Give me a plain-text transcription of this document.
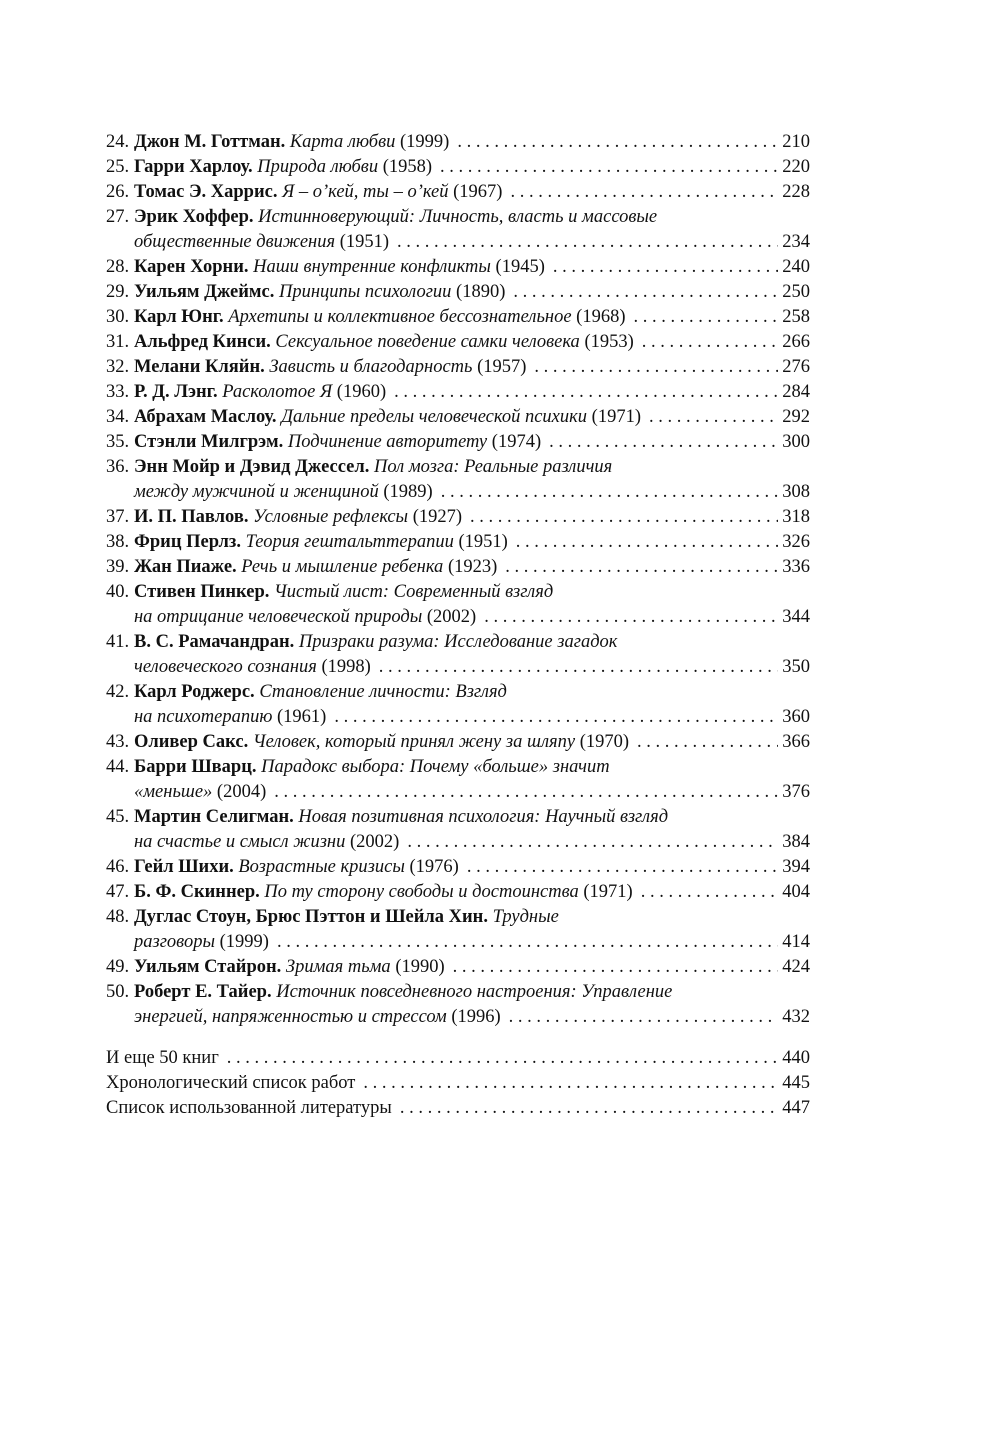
24. Джон М. Готтман. Карта любви (1999) . . .	210
25. Гарри Харлоу. Природа любви (1958) . . .	220
26. Томас Э. Харрис. Я – о’кей, ты – о’кей (1967) . . .	228
27. Эрик Хоффер. Истинноверующий: Личность, власть и массовые
общественные движения (1951) . . .	234
28. Карен Хорни. Наши внутренние конфликты (1945) . . .	240
29. Уильям Джеймс. Принципы психологии (1890) . . .	250
30. Карл Юнг. Архетипы и коллективное бессознательное (1968) . . .	258
31. Альфред Кинси. Сексуальное поведение самки человека (1953) . . .	266
32. Мелани Кляйн. Зависть и благодарность (1957) . . .	276
33. Р. Д. Лэнг. Расколотое Я (1960) . . .	284
34. Абрахам Маслоу. Дальние пределы человеческой психики (1971) . . .	292
35. Стэнли Милгрэм. Подчинение авторитету (1974) . . .	300
36. Энн Мойр и Дэвид Джессел. Пол мозга: Реальные различия
между мужчиной и женщиной (1989) . . .	308
37. И. П. Павлов. Условные рефлексы (1927) . . .	318
38. Фриц Перлз. Теория гештальттерапии (1951) . . .	326
39. Жан Пиаже. Речь и мышление ребенка (1923) . . .	336
40. Стивен Пинкер. Чистый лист: Современный взгляд
на отрицание человеческой природы (2002) . . .	344
41. В. С. Рамачандран. Призраки разума: Исследование загадок
человеческого сознания (1998) . . .	350
42. Карл Роджерс. Становление личности: Взгляд
на психотерапию (1961) . . .	360
43. Оливер Сакс. Человек, который принял жену за шляпу (1970) . . .	366
44. Барри Шварц. Парадокс выбора: Почему «больше» значит
«меньше» (2004) . . .	376
45. Мартин Селигман. Новая позитивная психология: Научный взгляд
на счастье и смысл жизни (2002) . . .	384
46. Гейл Шихи. Возрастные кризисы (1976) . . .	394
47. Б. Ф. Скиннер. По ту сторону свободы и достоинства (1971) . . .	404
48. Дуглас Стоун, Брюс Пэттон и Шейла Хин. Трудные
разговоры (1999) . . .	414
49. Уильям Стайрон. Зримая тьма (1990) . . .	424
50. Роберт Е. Тайер. Источник повседневного настроения: Управление
энергией, напряженностью и стрессом (1996) . . .	432
И еще 50 книг . . .	440
Хронологический список работ . . .	445
Список использованной литературы . . .	447
